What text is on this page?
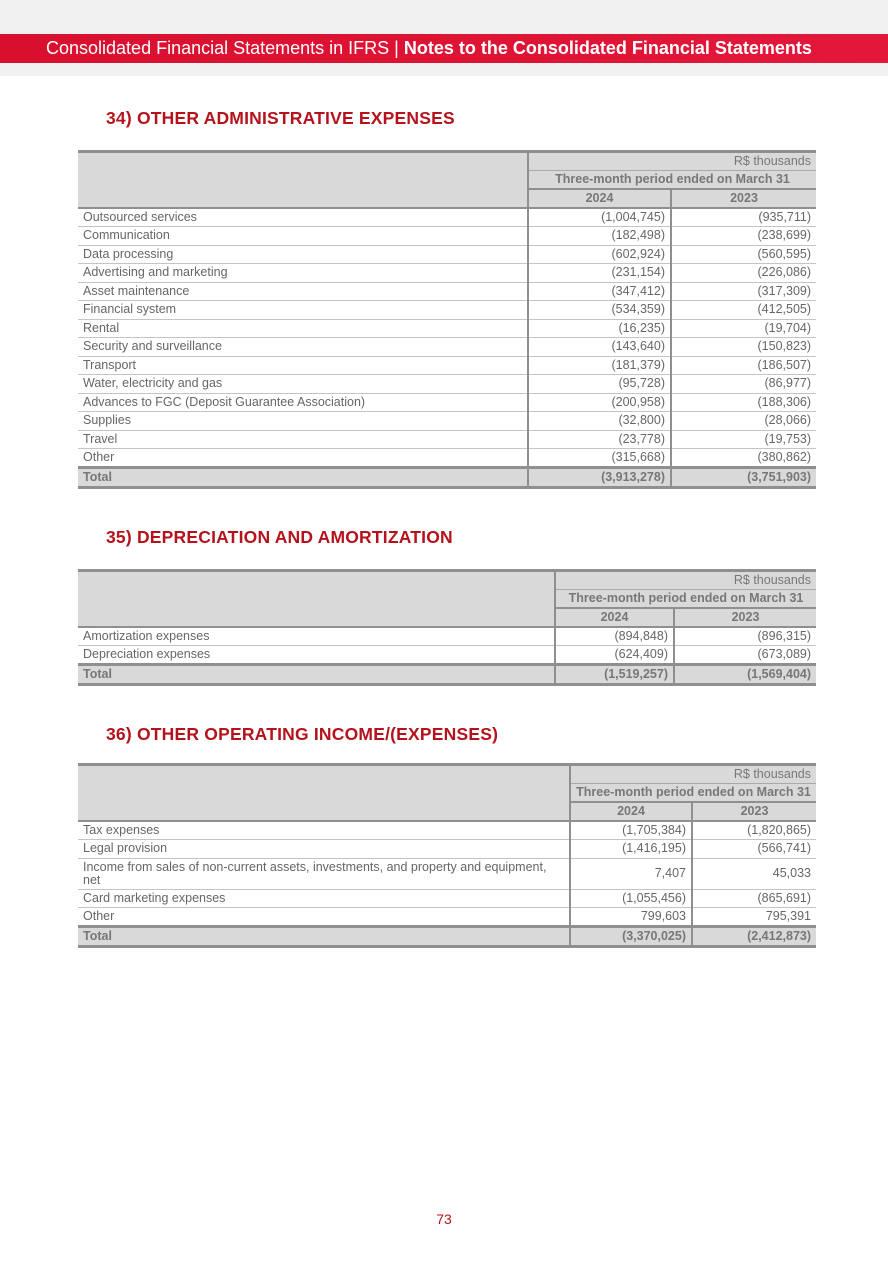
Consolidated Financial Statements in IFRS | Notes to the Consolidated Financial Statements
34) OTHER ADMINISTRATIVE EXPENSES
	R$ thousands	
	Three-month period ended on March 31	
	2024	2023
Outsourced services	(1,004,745)	(935,711)
Communication	(182,498)	(238,699)
Data processing	(602,924)	(560,595)
Advertising and marketing	(231,154)	(226,086)
Asset maintenance	(347,412)	(317,309)
Financial system	(534,359)	(412,505)
Rental	(16,235)	(19,704)
Security and surveillance	(143,640)	(150,823)
Transport	(181,379)	(186,507)
Water, electricity and gas	(95,728)	(86,977)
Advances to FGC (Deposit Guarantee Association)	(200,958)	(188,306)
Supplies	(32,800)	(28,066)
Travel	(23,778)	(19,753)
Other	(315,668)	(380,862)
Total	(3,913,278)	(3,751,903)
35) DEPRECIATION AND AMORTIZATION
	R$ thousands	
	Three-month period ended on March 31	
	2024	2023
Amortization expenses	(894,848)	(896,315)
Depreciation expenses	(624,409)	(673,089)
Total	(1,519,257)	(1,569,404)
36) OTHER OPERATING INCOME/(EXPENSES)
	R$ thousands	
	Three-month period ended on March 31	
	2024	2023
Tax expenses	(1,705,384)	(1,820,865)
Legal provision	(1,416,195)	(566,741)
Income from sales of non-current assets, investments, and property and equipment, net	7,407	45,033
Card marketing expenses	(1,055,456)	(865,691)
Other	799,603	795,391
Total	(3,370,025)	(2,412,873)
73
